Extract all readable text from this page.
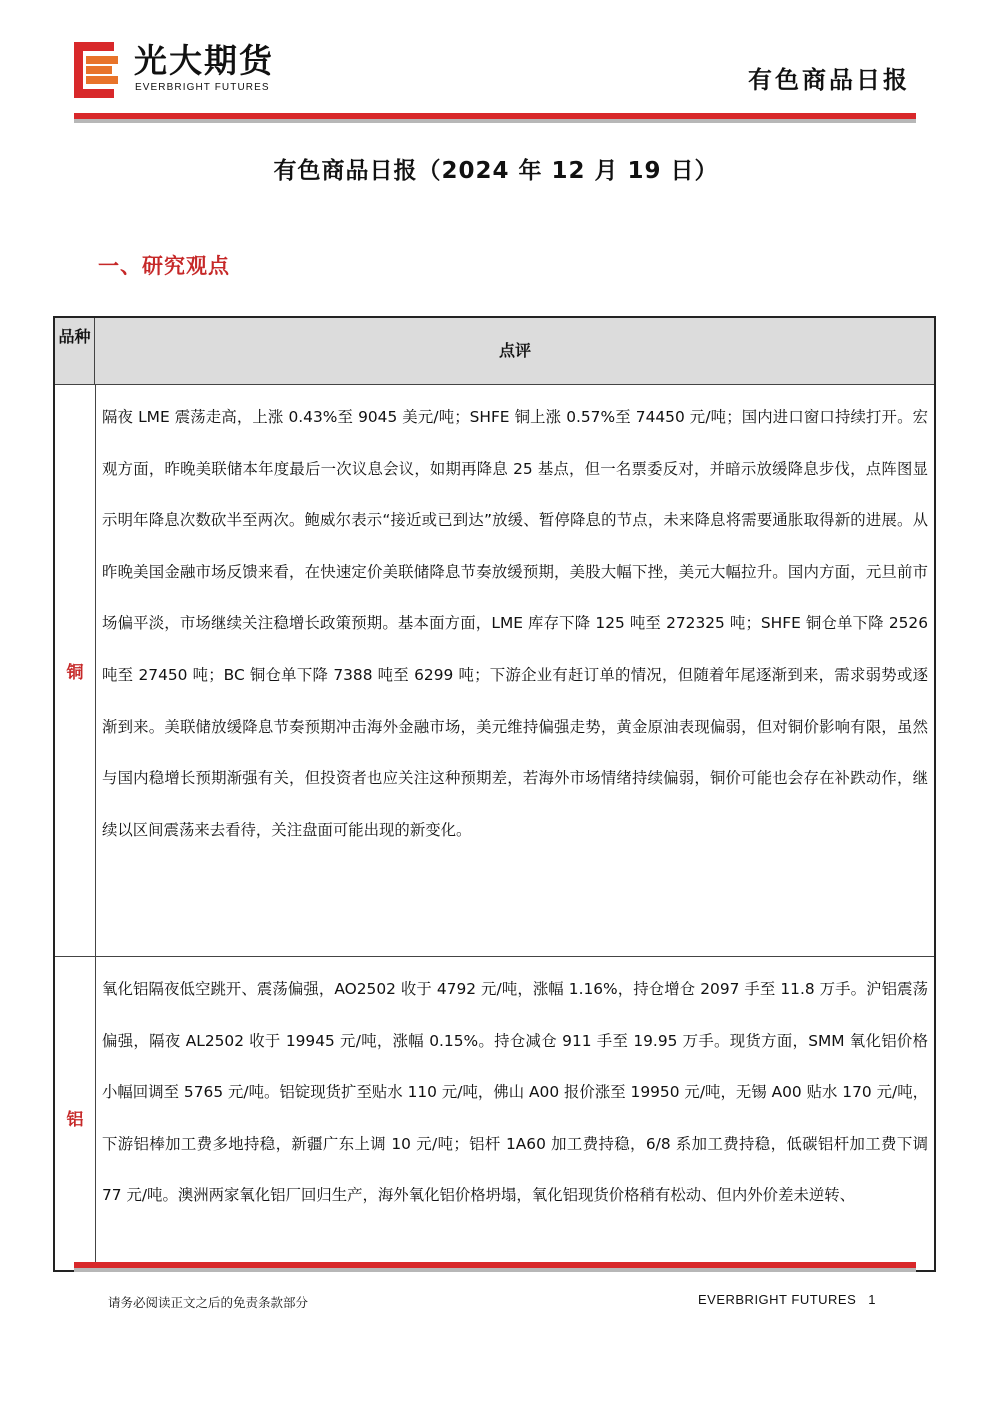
光大期货
EVERBRIGHT FUTURES	有色商品日报
有色商品日报（2024 年 12 月 19 日）
一、研究观点
品种
点评
铜
隔夜 LME 震荡走高，上涨 0.43%至 9045 美元/吨；SHFE 铜上涨 0.57%至 74450 元/吨；国内进口窗口持续打开。宏观方面，昨晚美联储本年度最后一次议息会议，如期再降息 25 基点，但一名票委反对，并暗示放缓降息步伐，点阵图显示明年降息次数砍半至两次。鲍威尔表示“接近或已到达”放缓、暂停降息的节点，未来降息将需要通胀取得新的进展。从昨晚美国金融市场反馈来看，在快速定价美联储降息节奏放缓预期，美股大幅下挫，美元大幅拉升。国内方面，元旦前市场偏平淡，市场继续关注稳增长政策预期。基本面方面，LME 库存下降 125 吨至 272325 吨；SHFE 铜仓单下降 2526 吨至 27450 吨；BC 铜仓单下降 7388 吨至 6299 吨；下游企业有赶订单的情况，但随着年尾逐渐到来，需求弱势或逐渐到来。美联储放缓降息节奏预期冲击海外金融市场，美元维持偏强走势，黄金原油表现偏弱，但对铜价影响有限，虽然与国内稳增长预期渐强有关，但投资者也应关注这种预期差，若海外市场情绪持续偏弱，铜价可能也会存在补跌动作，继续以区间震荡来去看待，关注盘面可能出现的新变化。
铝
氧化铝隔夜低空跳开、震荡偏强，AO2502 收于 4792 元/吨，涨幅 1.16%，持仓增仓 2097 手至 11.8 万手。沪铝震荡偏强，隔夜 AL2502 收于 19945 元/吨，涨幅 0.15%。持仓减仓 911 手至 19.95 万手。现货方面，SMM 氧化铝价格小幅回调至 5765 元/吨。铝锭现货扩至贴水 110 元/吨，佛山 A00 报价涨至 19950 元/吨，无锡 A00 贴水 170 元/吨，下游铝棒加工费多地持稳，新疆广东上调 10 元/吨；铝杆 1A60 加工费持稳，6/8 系加工费持稳，低碳铝杆加工费下调 77 元/吨。澳洲两家氧化铝厂回归生产，海外氧化铝价格坍塌，氧化铝现货价格稍有松动、但内外价差未逆转、
请务必阅读正文之后的免责条款部分	EVERBRIGHT FUTURES 1
